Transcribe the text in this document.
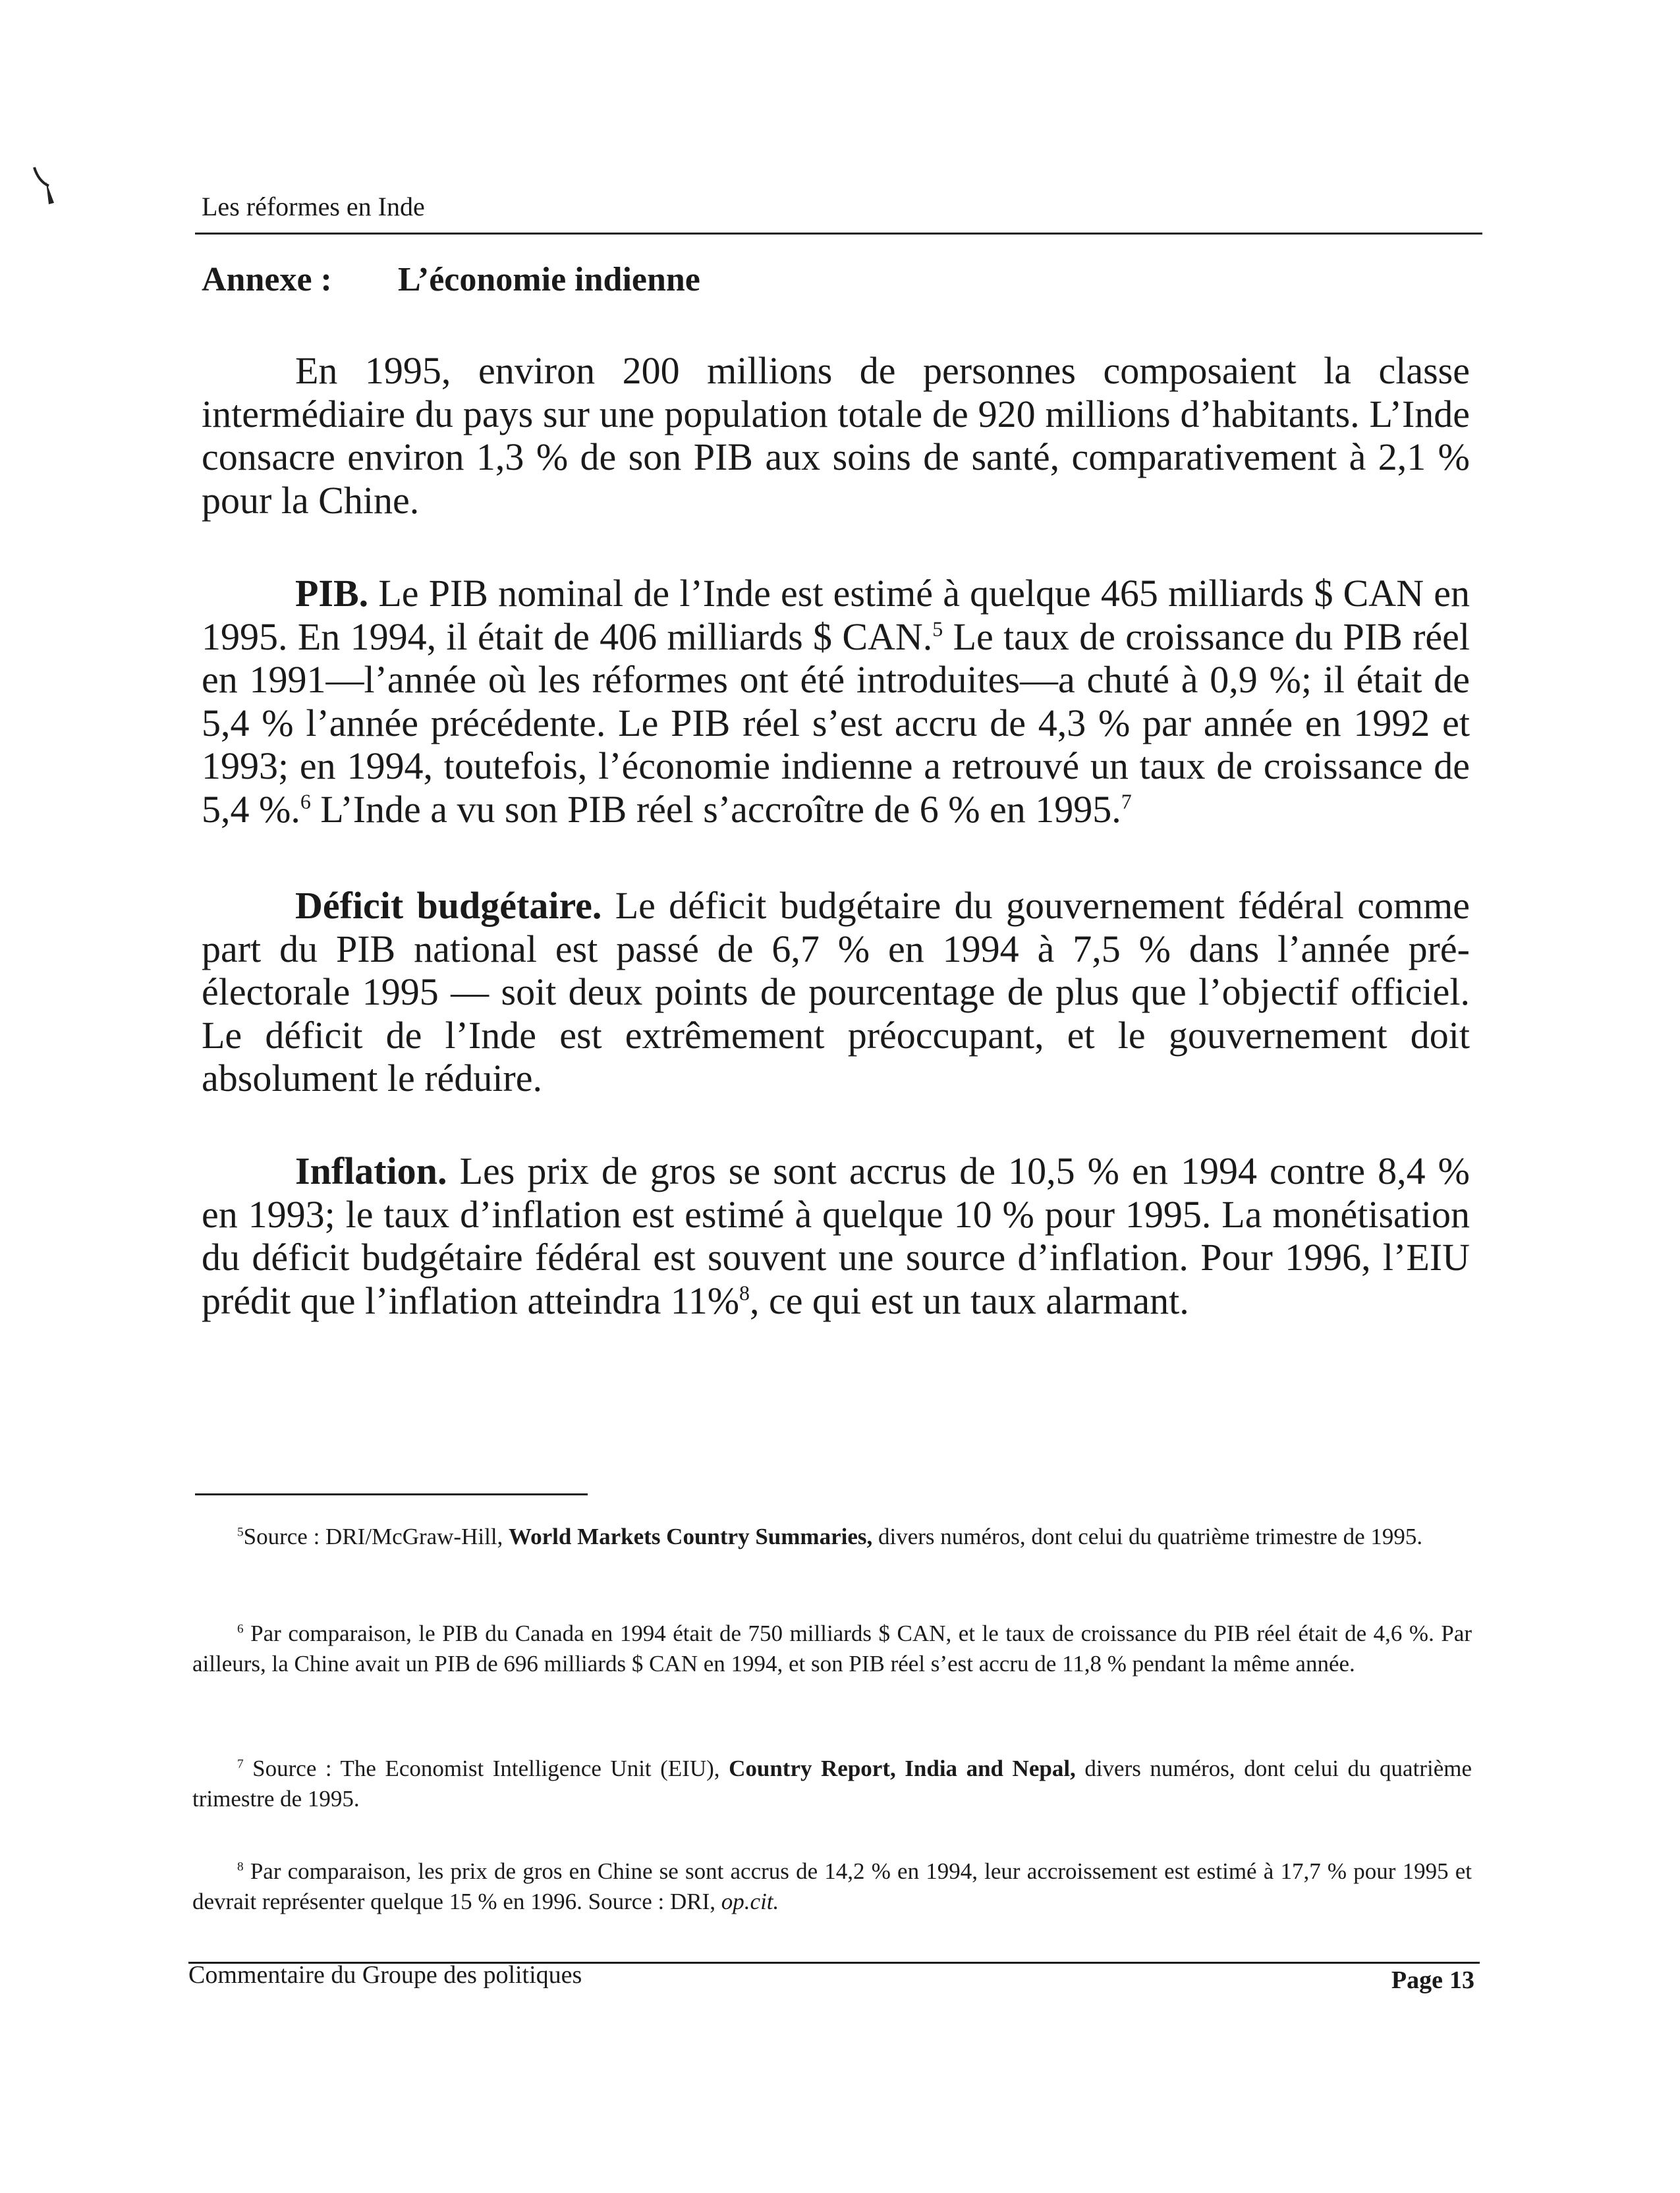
Les réformes en Inde
Annexe : L’économie indienne

En 1995, environ 200 millions de personnes composaient la classe intermédiaire du pays sur une population totale de 920 millions d’habitants. L’Inde consacre environ 1,3 % de son PIB aux soins de santé, comparativement à 2,1 % pour la Chine.

PIB. Le PIB nominal de l’Inde est estimé à quelque 465 milliards $ CAN en 1995. En 1994, il était de 406 milliards $ CAN.$^5$ Le taux de croissance du PIB réel en 1991—l’année où les réformes ont été introduites—a chuté à 0,9 %; il était de 5,4 % l’année précédente. Le PIB réel s’est accru de 4,3 % par année en 1992 et 1993; en 1994, toutefois, l’économie indienne a retrouvé un taux de croissance de 5,4 %.$^6$ L’Inde a vu son PIB réel s’accroître de 6 % en 1995.$^7$

Déficit budgétaire. Le déficit budgétaire du gouvernement fédéral comme part du PIB national est passé de 6,7 % en 1994 à 7,5 % dans l’année pré-électorale 1995 — soit deux points de pourcentage de plus que l’objectif officiel. Le déficit de l’Inde est extrêmement préoccupant, et le gouvernement doit absolument le réduire.

Inflation. Les prix de gros se sont accrus de 10,5 % en 1994 contre 8,4 % en 1993; le taux d’inflation est estimé à quelque 10 % pour 1995. La monétisation du déficit budgétaire fédéral est souvent une source d’inflation. Pour 1996, l’EIU prédit que l’inflation atteindra 11%$^8$, ce qui est un taux alarmant.

$^5$Source : DRI/McGraw-Hill, World Markets Country Summaries, divers numéros, dont celui du quatrième trimestre de 1995.

$^6$ Par comparaison, le PIB du Canada en 1994 était de 750 milliards $ CAN, et le taux de croissance du PIB réel était de 4,6 %. Par ailleurs, la Chine avait un PIB de 696 milliards $ CAN en 1994, et son PIB réel s’est accru de 11,8 % pendant la même année.

$^7$ Source : The Economist Intelligence Unit (EIU), Country Report, India and Nepal, divers numéros, dont celui du quatrième trimestre de 1995.

$^8$ Par comparaison, les prix de gros en Chine se sont accrus de 14,2 % en 1994, leur accroissement est estimé à 17,7 % pour 1995 et devrait représenter quelque 15 % en 1996. Source : DRI, op.cit.

Commentaire du Groupe des politiques	Page 13
